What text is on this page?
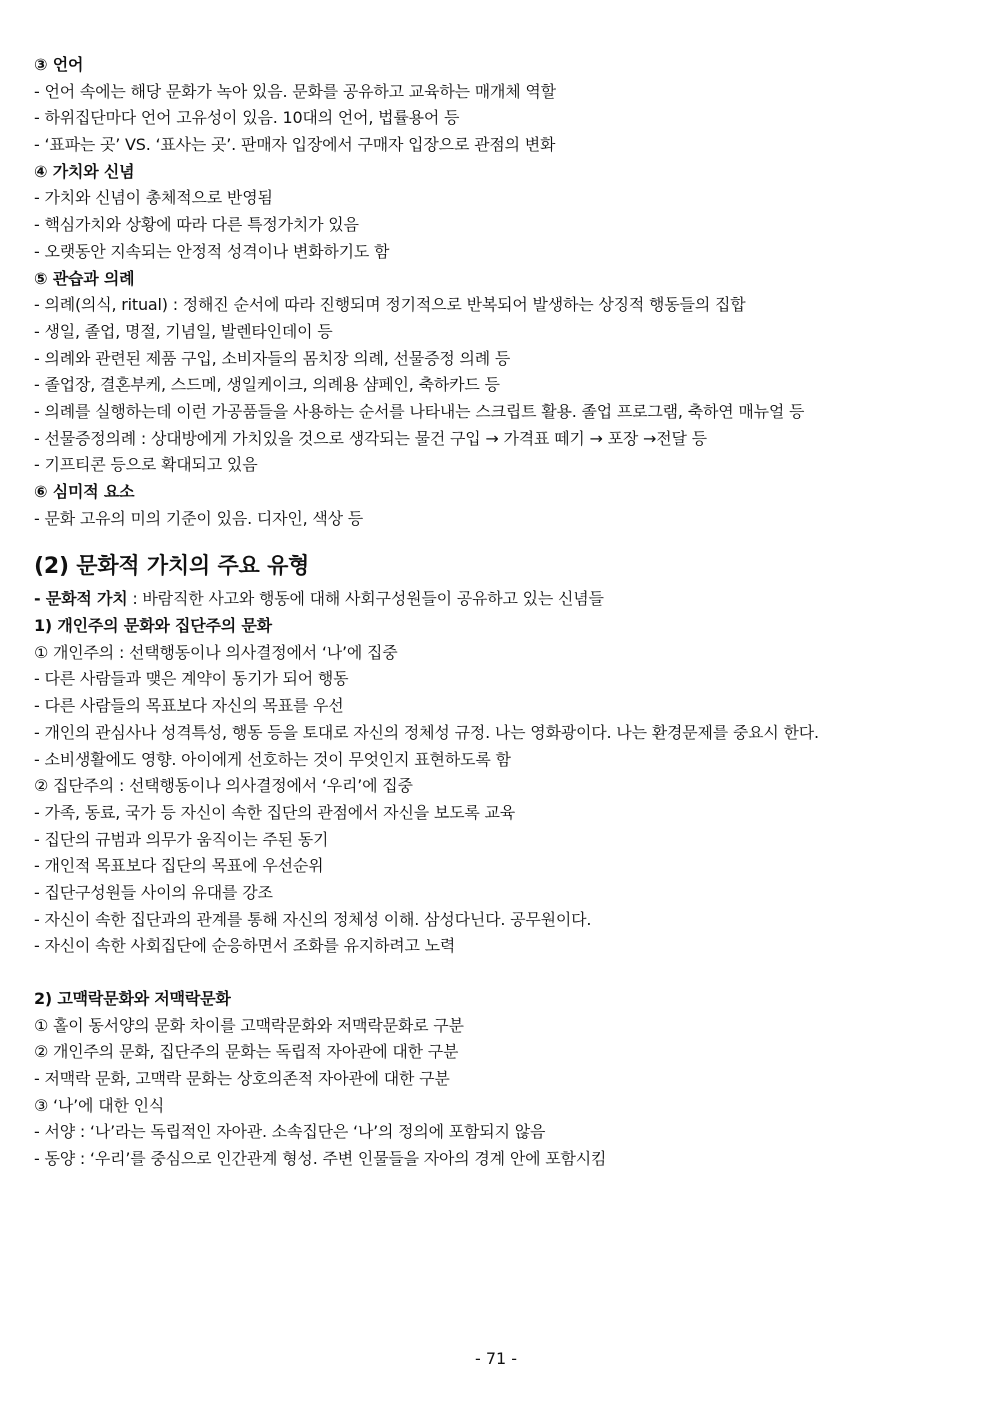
③ 언어
- 언어 속에는 해당 문화가 녹아 있음. 문화를 공유하고 교육하는 매개체 역할
- 하위집단마다 언어 고유성이 있음. 10대의 언어, 법률용어 등
- ‘표파는 곳’ VS. ‘표사는 곳’. 판매자 입장에서 구매자 입장으로 관점의 변화
④ 가치와 신념
- 가치와 신념이 총체적으로 반영됨
- 핵심가치와 상황에 따라 다른 특정가치가 있음
- 오랫동안 지속되는 안정적 성격이나 변화하기도 함
⑤ 관습과 의례
- 의례(의식, ritual) : 정해진 순서에 따라 진행되며 정기적으로 반복되어 발생하는 상징적 행동들의 집합
- 생일, 졸업, 명절, 기념일, 발렌타인데이 등
- 의례와 관련된 제품 구입, 소비자들의 몸치장 의례, 선물증정 의례 등
- 졸업장, 결혼부케, 스드메, 생일케이크, 의례용 샴페인, 축하카드 등
- 의례를 실행하는데 이런 가공품들을 사용하는 순서를 나타내는 스크립트 활용. 졸업 프로그램, 축하연 매뉴얼 등
- 선물증정의례 : 상대방에게 가치있을 것으로 생각되는 물건 구입 → 가격표 떼기 → 포장 →전달 등
- 기프티콘 등으로 확대되고 있음
⑥ 심미적 요소
- 문화 고유의 미의 기준이 있음. 디자인, 색상 등
(2) 문화적 가치의 주요 유형
- 문화적 가치 : 바람직한 사고와 행동에 대해 사회구성원들이 공유하고 있는 신념들
1) 개인주의 문화와 집단주의 문화
① 개인주의 : 선택행동이나 의사결정에서 ‘나’에 집중
- 다른 사람들과 맺은 계약이 동기가 되어 행동
- 다른 사람들의 목표보다 자신의 목표를 우선
- 개인의 관심사나 성격특성, 행동 등을 토대로 자신의 정체성 규정. 나는 영화광이다. 나는 환경문제를 중요시 한다.
- 소비생활에도 영향. 아이에게 선호하는 것이 무엇인지 표현하도록 함
② 집단주의 : 선택행동이나 의사결정에서 ‘우리’에 집중
- 가족, 동료, 국가 등 자신이 속한 집단의 관점에서 자신을 보도록 교육
- 집단의 규범과 의무가 움직이는 주된 동기
- 개인적 목표보다 집단의 목표에 우선순위
- 집단구성원들 사이의 유대를 강조
- 자신이 속한 집단과의 관계를 통해 자신의 정체성 이해. 삼성다닌다. 공무원이다.
- 자신이 속한 사회집단에 순응하면서 조화를 유지하려고 노력
2) 고맥락문화와 저맥락문화
① 홀이 동서양의 문화 차이를 고맥락문화와 저맥락문화로 구분
② 개인주의 문화, 집단주의 문화는 독립적 자아관에 대한 구분
- 저맥락 문화, 고맥락 문화는 상호의존적 자아관에 대한 구분
③ ‘나’에 대한 인식
- 서양 : ‘나’라는 독립적인 자아관. 소속집단은 ‘나’의 정의에 포함되지 않음
- 동양 : ‘우리’를 중심으로 인간관계 형성. 주변 인물들을 자아의 경계 안에 포함시킴
- 71 -
